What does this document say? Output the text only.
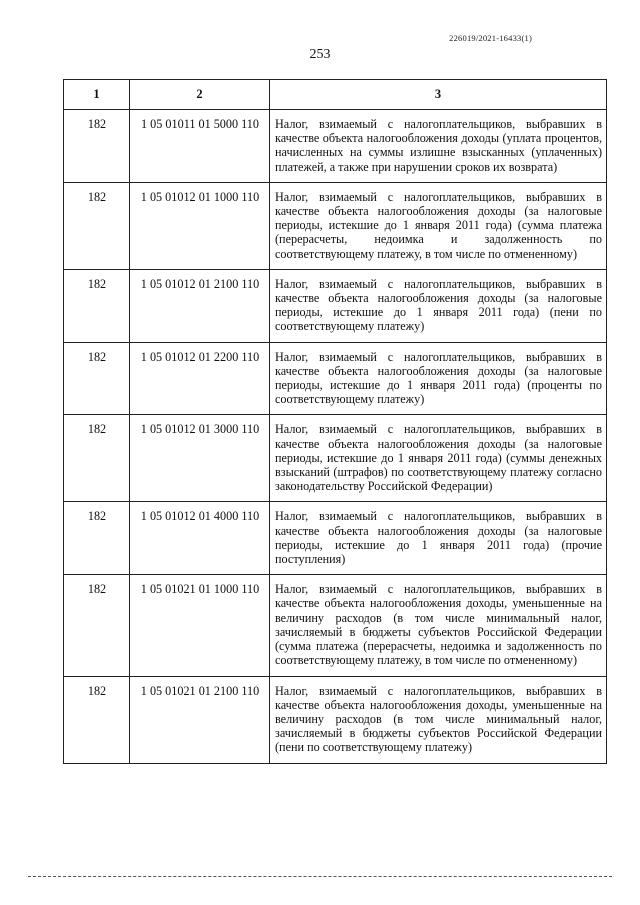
226019/2021-16433(1)
253
1	2	3
182	1 05 01011 01 5000 110	Налог, взимаемый с налогоплательщиков, выбравших в качестве объекта налогообложения доходы (уплата процентов, начисленных на суммы излишне взысканных (уплаченных) платежей, а также при нарушении сроков их возврата)
182	1 05 01012 01 1000 110	Налог, взимаемый с налогоплательщиков, выбравших в качестве объекта налогообложения доходы (за налоговые периоды, истекшие до 1 января 2011 года) (сумма платежа (перерасчеты, недоимка и задолженность по соответствующему платежу, в том числе по отмененному)
182	1 05 01012 01 2100 110	Налог, взимаемый с налогоплательщиков, выбравших в качестве объекта налогообложения доходы (за налоговые периоды, истекшие до 1 января 2011 года) (пени по соответствующему платежу)
182	1 05 01012 01 2200 110	Налог, взимаемый с налогоплательщиков, выбравших в качестве объекта налогообложения доходы (за налоговые периоды, истекшие до 1 января 2011 года) (проценты по соответствующему платежу)
182	1 05 01012 01 3000 110	Налог, взимаемый с налогоплательщиков, выбравших в качестве объекта налогообложения доходы (за налоговые периоды, истекшие до 1 января 2011 года) (суммы денежных взысканий (штрафов) по соответствующему платежу согласно законодательству Российской Федерации)
182	1 05 01012 01 4000 110	Налог, взимаемый с налогоплательщиков, выбравших в качестве объекта налогообложения доходы (за налоговые периоды, истекшие до 1 января 2011 года) (прочие поступления)
182	1 05 01021 01 1000 110	Налог, взимаемый с налогоплательщиков, выбравших в качестве объекта налогообложения доходы, уменьшенные на величину расходов (в том числе минимальный налог, зачисляемый в бюджеты субъектов Российской Федерации (сумма платежа (перерасчеты, недоимка и задолженность по соответствующему платежу, в том числе по отмененному)
182	1 05 01021 01 2100 110	Налог, взимаемый с налогоплательщиков, выбравших в качестве объекта налогообложения доходы, уменьшенные на величину расходов (в том числе минимальный налог, зачисляемый в бюджеты субъектов Российской Федерации (пени по соответствующему платежу)
